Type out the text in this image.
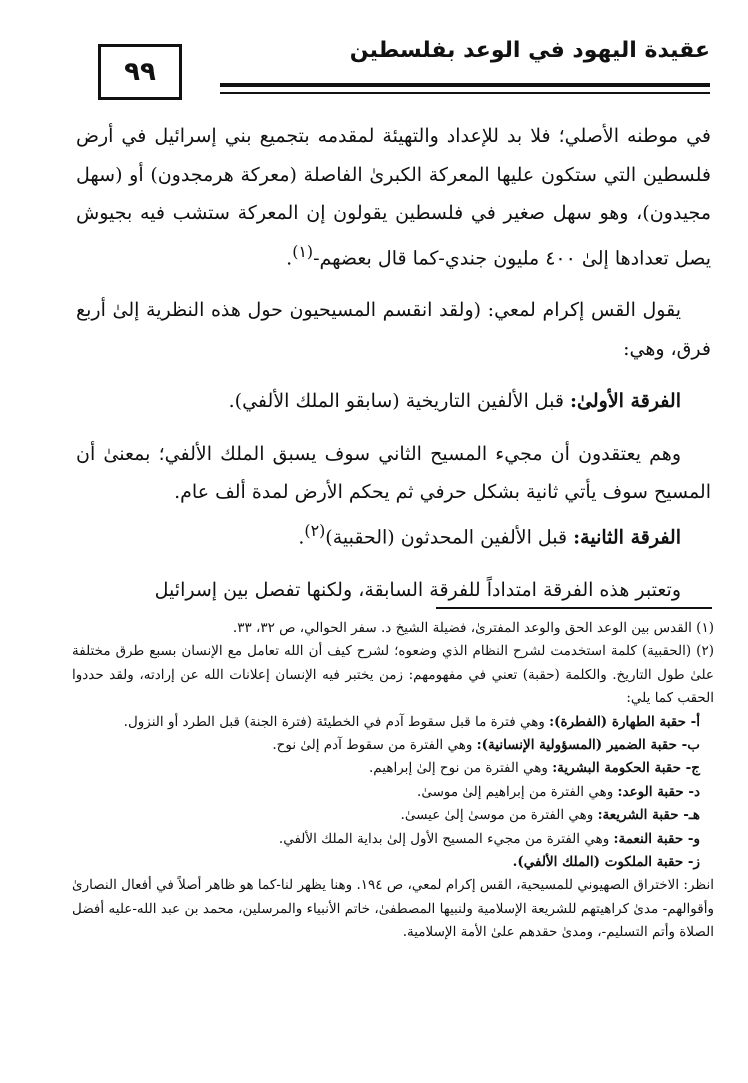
٩٩
عقيدة اليهود في الوعد بفلسطين

في موطنه الأصلي؛ فلا بد للإعداد والتهيئة لمقدمه بتجميع بني إسرائيل في أرض فلسطين التي ستكون عليها المعركة الكبرىٰ الفاصلة (معركة هرمجدون) أو (سهل مجيدون)، وهو سهل صغير في فلسطين يقولون إن المعركة ستشب فيه بجيوش يصل تعدادها إلىٰ ٤٠٠ مليون جندي-كما قال بعضهم-$^{(١)}$.

يقول القس إكرام لمعي: (ولقد انقسم المسيحيون حول هذه النظرية إلىٰ أربع فرق، وهي:

الفرقة الأولىٰ: قبل الألفين التاريخية (سابقو الملك الألفي).

وهم يعتقدون أن مجيء المسيح الثاني سوف يسبق الملك الألفي؛ بمعنىٰ أن المسيح سوف يأتي ثانية بشكل حرفي ثم يحكم الأرض لمدة ألف عام.

الفرقة الثانية: قبل الألفين المحدثون (الحقبية)$^{(٢)}$.

وتعتبر هذه الفرقة امتداداً للفرقة السابقة، ولكنها تفصل بين إسرائيل

(١) القدس بين الوعد الحق والوعد المفترىٰ، فضيلة الشيخ د. سفر الحوالي، ص ٣٢، ٣٣.

(٢) (الحقبية) كلمة استخدمت لشرح النظام الذي وضعوه؛ لشرح كيف أن الله تعامل مع الإنسان بسبع طرق مختلفة علىٰ طول التاريخ. والكلمة (حقبة) تعني في مفهومهم: زمن يختبر فيه الإنسان إعلانات الله عن إرادته، ولقد حددوا الحقب كما يلي:

أ- حقبة الطهارة (الفطرة): وهي فترة ما قبل سقوط آدم في الخطيئة (فترة الجنة) قبل الطرد أو النزول.

ب- حقبة الضمير (المسؤولية الإنسانية): وهي الفترة من سقوط آدم إلىٰ نوح.

ج- حقبة الحكومة البشرية: وهي الفترة من نوح إلىٰ إبراهيم.

د- حقبة الوعد: وهي الفترة من إبراهيم إلىٰ موسىٰ.

هـ- حقبة الشريعة: وهي الفترة من موسىٰ إلىٰ عيسىٰ.

و- حقبة النعمة: وهي الفترة من مجيء المسيح الأول إلىٰ بداية الملك الألفي.

ز- حقبة الملكوت (الملك الألفي).

انظر: الاختراق الصهيوني للمسيحية، القس إكرام لمعي، ص ١٩٤. وهنا يظهر لنا-كما هو ظاهر أصلاً في أفعال النصارىٰ وأقوالهم- مدىٰ كراهيتهم للشريعة الإسلامية ولنبيها المصطفىٰ، خاتم الأنبياء والمرسلين، محمد بن عبد الله-عليه أفضل الصلاة وأتم التسليم-، ومدىٰ حقدهم علىٰ الأمة الإسلامية.
